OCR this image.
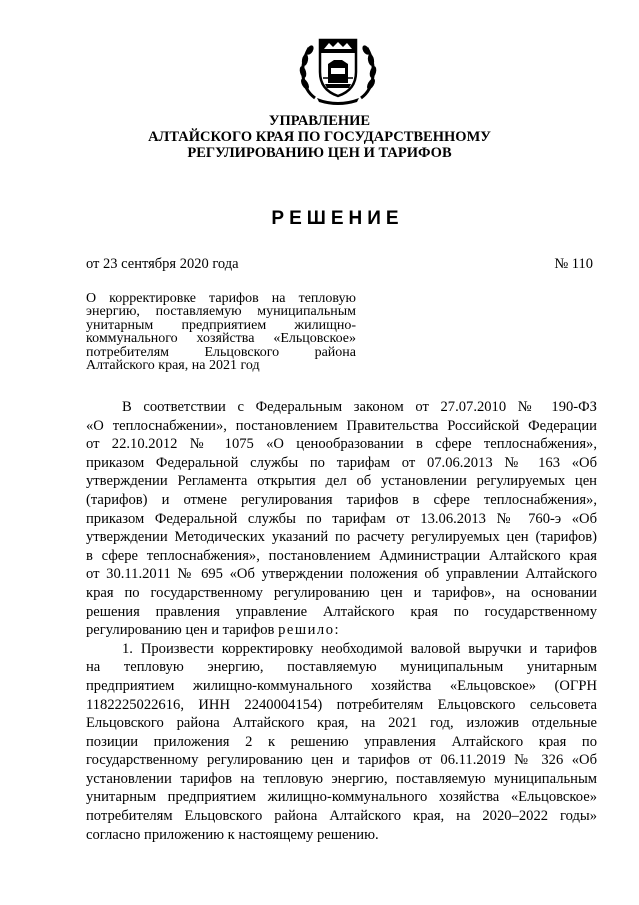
УПРАВЛЕНИЕ
АЛТАЙСКОГО КРАЯ ПО ГОСУДАРСТВЕННОМУ
РЕГУЛИРОВАНИЮ ЦЕН И ТАРИФОВ
РЕШЕНИЕ
от 23 сентября 2020 года	№ 110
О корректировке тарифов на тепловую
энергию, поставляемую муниципальным
унитарным предприятием жилищно-
коммунального хозяйства «Ельцовское»
потребителям Ельцовского района
Алтайского края, на 2021 год
В соответствии с Федеральным законом от 27.07.2010 № 190-ФЗ
«О теплоснабжении», постановлением Правительства Российской Федерации
от 22.10.2012 № 1075 «О ценообразовании в сфере теплоснабжения»,
приказом Федеральной службы по тарифам от 07.06.2013 № 163 «Об
утверждении Регламента открытия дел об установлении регулируемых цен
(тарифов) и отмене регулирования тарифов в сфере теплоснабжения»,
приказом Федеральной службы по тарифам от 13.06.2013 № 760-э «Об
утверждении Методических указаний по расчету регулируемых цен (тарифов)
в сфере теплоснабжения», постановлением Администрации Алтайского края
от 30.11.2011 № 695 «Об утверждении положения об управлении Алтайского
края по государственному регулированию цен и тарифов», на основании
решения правления управление Алтайского края по государственному
регулированию цен и тарифов решило:
1. Произвести корректировку необходимой валовой выручки и тарифов
на тепловую энергию, поставляемую муниципальным унитарным
предприятием жилищно-коммунального хозяйства «Ельцовское» (ОГРН
1182225022616, ИНН 2240004154) потребителям Ельцовского сельсовета
Ельцовского района Алтайского края, на 2021 год, изложив отдельные
позиции приложения 2 к решению управления Алтайского края по
государственному регулированию цен и тарифов от 06.11.2019 № 326 «Об
установлении тарифов на тепловую энергию, поставляемую муниципальным
унитарным предприятием жилищно-коммунального хозяйства «Ельцовское»
потребителям Ельцовского района Алтайского края, на 2020–2022 годы»
согласно приложению к настоящему решению.
